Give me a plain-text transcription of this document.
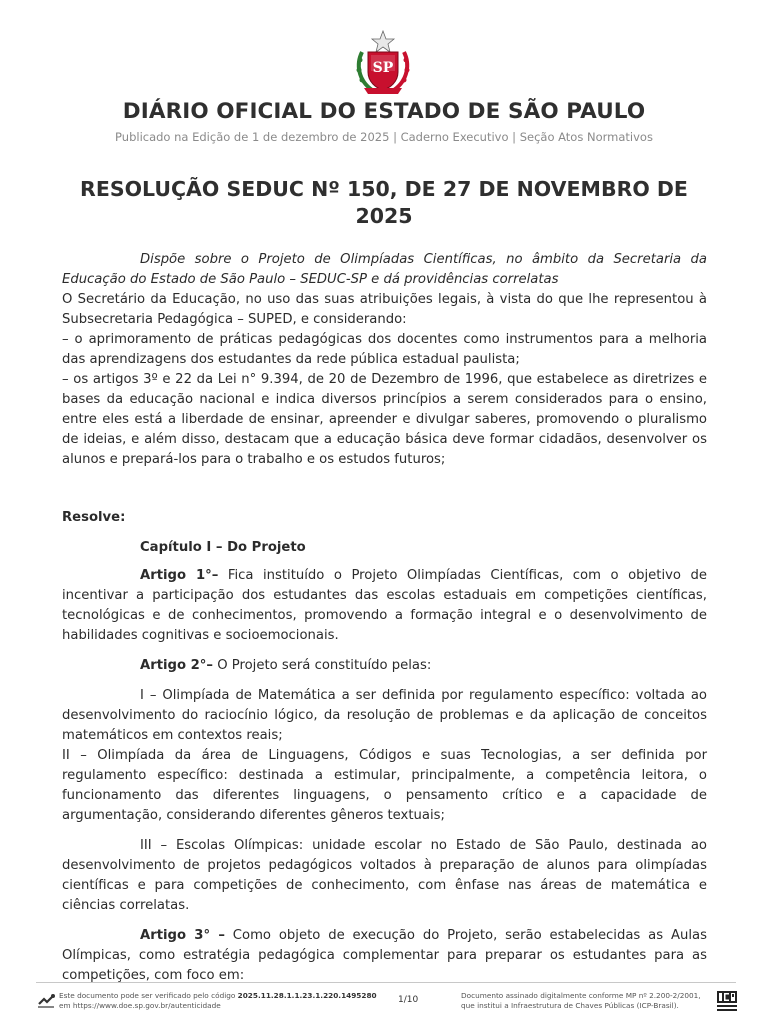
SP
DIÁRIO OFICIAL DO ESTADO DE SÃO PAULO
Publicado na Edição de 1 de dezembro de 2025 | Caderno Executivo | Seção Atos Normativos
RESOLUÇÃO SEDUC Nº 150, DE 27 DE NOVEMBRO DE 2025

Dispõe sobre o Projeto de Olimpíadas Científicas, no âmbito da Secretaria da Educação do Estado de São Paulo – SEDUC-SP e dá providências correlatas

O Secretário da Educação, no uso das suas atribuições legais, à vista do que lhe representou à Subsecretaria Pedagógica – SUPED, e considerando:

– o aprimoramento de práticas pedagógicas dos docentes como instrumentos para a melhoria das aprendizagens dos estudantes da rede pública estadual paulista;

– os artigos 3º e 22 da Lei n° 9.394, de 20 de Dezembro de 1996, que estabelece as diretrizes e bases da educação nacional e indica diversos princípios a serem considerados para o ensino, entre eles está a liberdade de ensinar, apreender e divulgar saberes, promovendo o pluralismo de ideias, e além disso, destacam que a educação básica deve formar cidadãos, desenvolver os alunos e prepará-los para o trabalho e os estudos futuros;

Resolve:

Capítulo I – Do Projeto

Artigo 1°– Fica instituído o Projeto Olimpíadas Científicas, com o objetivo de incentivar a participação dos estudantes das escolas estaduais em competições científicas, tecnológicas e de conhecimentos, promovendo a formação integral e o desenvolvimento de habilidades cognitivas e socioemocionais.

Artigo 2°– O Projeto será constituído pelas:

I – Olimpíada de Matemática a ser definida por regulamento específico: voltada ao desenvolvimento do raciocínio lógico, da resolução de problemas e da aplicação de conceitos matemáticos em contextos reais;

II – Olimpíada da área de Linguagens, Códigos e suas Tecnologias, a ser definida por regulamento específico: destinada a estimular, principalmente, a competência leitora, o funcionamento das diferentes linguagens, o pensamento crítico e a capacidade de argumentação, considerando diferentes gêneros textuais;

III – Escolas Olímpicas: unidade escolar no Estado de São Paulo, destinada ao desenvolvimento de projetos pedagógicos voltados à preparação de alunos para olimpíadas científicas e para competições de conhecimento, com ênfase nas áreas de matemática e ciências correlatas.

Artigo 3° – Como objeto de execução do Projeto, serão estabelecidas as Aulas Olímpicas, como estratégia pedagógica complementar para preparar os estudantes para as competições, com foco em:

Este documento pode ser verificado pelo código 2025.11.28.1.1.23.1.220.1495280
em https://www.doe.sp.gov.br/autenticidade	1/10	Documento assinado digitalmente conforme MP nº 2.200-2/2001,
que institui a Infraestrutura de Chaves Públicas (ICP-Brasil).
